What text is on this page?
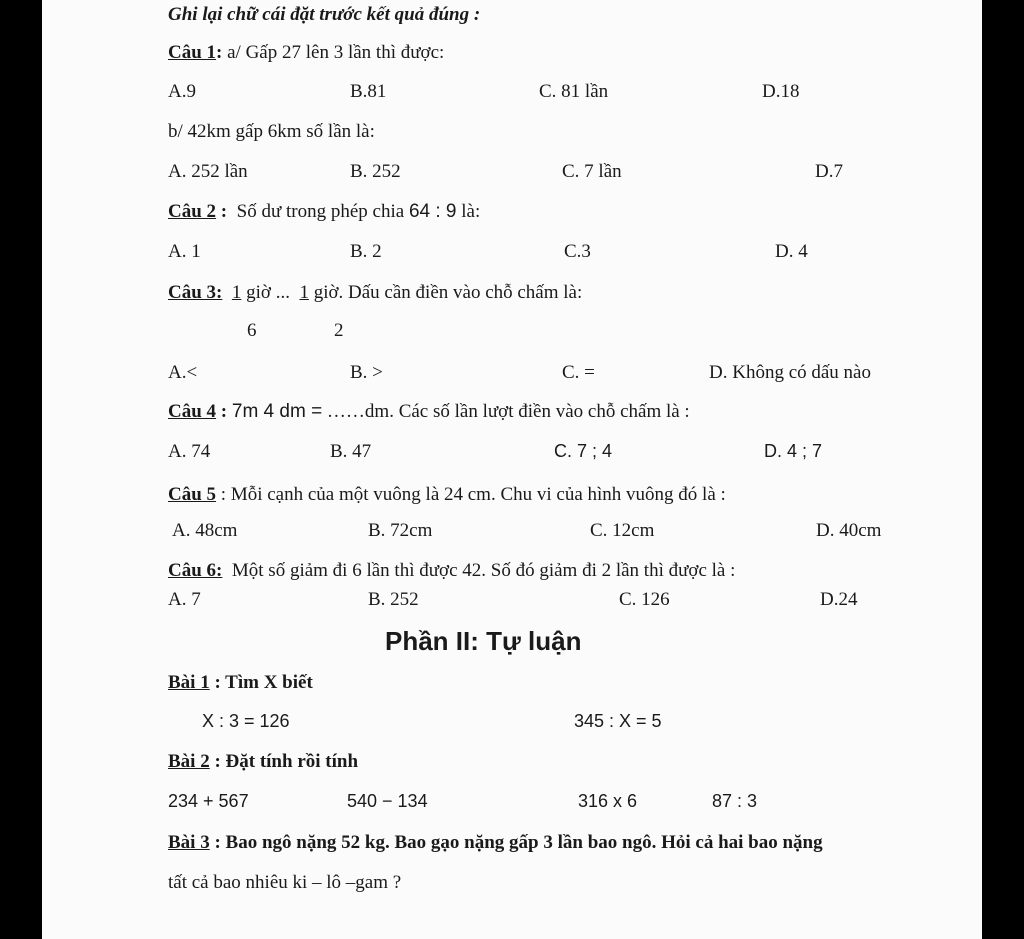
Ghi lại chữ cái đặt trước kết quả đúng :
Câu 1: a/ Gấp 27 lên 3 lần thì được:
A.9	B.81	C. 81 lần	D.18
b/ 42km gấp 6km số lần là:
A. 252 lần	B. 252	C. 7 lần	D.7
Câu 2 : Số dư trong phép chia 64 : 9 là:
A. 1	B. 2	C.3	D. 4
Câu 3: 1 giờ ... 1 giờ. Dấu cần điền vào chỗ chấm là:
6	2
A.<	B. >	C. =	D. Không có dấu nào
Câu 4 : 7m 4 dm = ……dm. Các số lần lượt điền vào chỗ chấm là :
A. 74	B. 47	C. 7 ; 4	D. 4 ; 7
Câu 5 : Mỗi cạnh của một vuông là 24 cm. Chu vi của hình vuông đó là :
A. 48cm	B. 72cm	C. 12cm	D. 40cm
Câu 6: Một số giảm đi 6 lần thì được 42. Số đó giảm đi 2 lần thì được là :
A. 7	B. 252	C. 126	D.24
Phần II: Tự luận
Bài 1 : Tìm X biết
X : 3 = 126	345 : X = 5
Bài 2 : Đặt tính rồi tính
234 + 567	540 − 134	316 x 6	87 : 3
Bài 3 : Bao ngô nặng 52 kg. Bao gạo nặng gấp 3 lần bao ngô. Hỏi cả hai bao nặng
tất cả bao nhiêu ki – lô –gam ?
